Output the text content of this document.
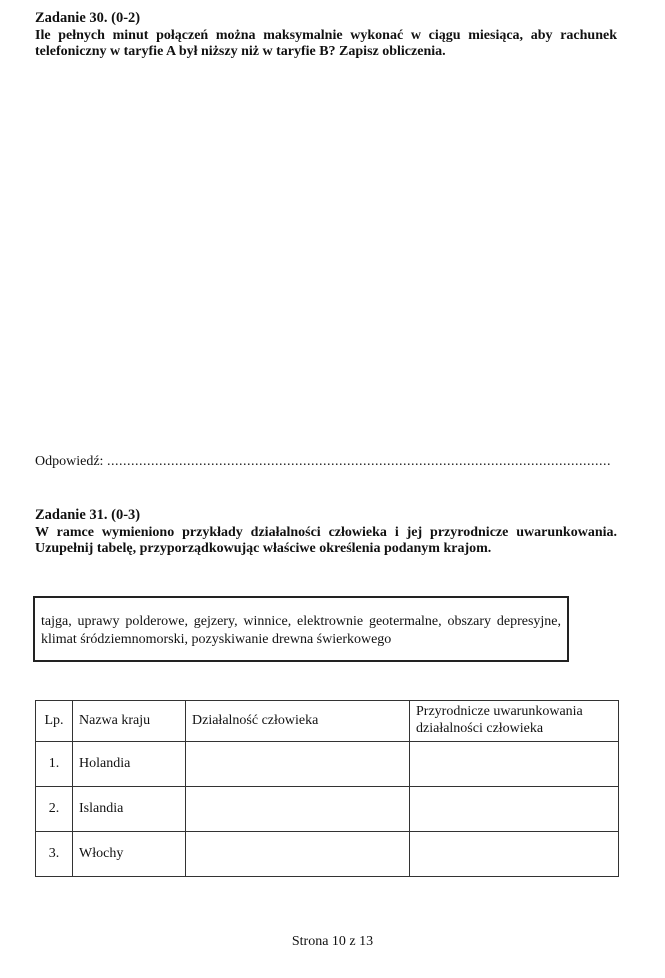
Zadanie 30. (0-2)
Ile pełnych minut połączeń można maksymalnie wykonać w ciągu miesiąca, aby rachunek telefoniczny w taryfie A był niższy niż w taryfie B? Zapisz obliczenia.
Odpowiedź: ..............................................................................................................................
Zadanie 31. (0-3)
W ramce wymieniono przykłady działalności człowieka i jej przyrodnicze uwarunkowania. Uzupełnij tabelę, przyporządkowując właściwe określenia podanym krajom.
tajga, uprawy polderowe, gejzery, winnice, elektrownie geotermalne, obszary depresyjne, klimat śródziemnomorski, pozyskiwanie drewna świerkowego
Lp.	Nazwa kraju	Działalność człowieka	Przyrodnicze uwarunkowania działalności człowieka
1.	Holandia		
2.	Islandia		
3.	Włochy		
Strona 10 z 13
